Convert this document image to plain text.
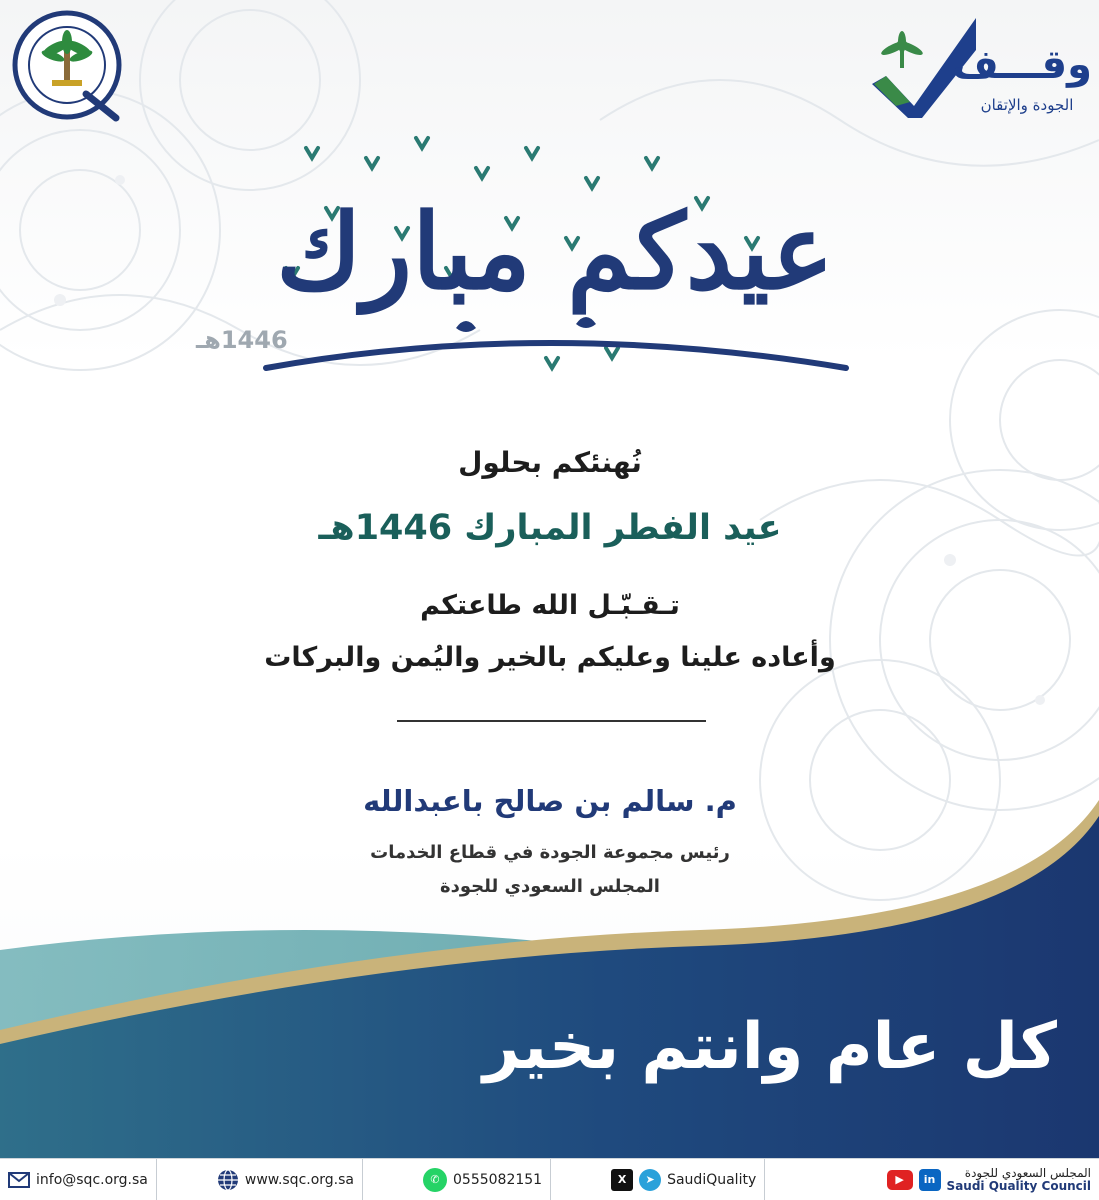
وقـــف
الجودة والإتقان
عيدكم مبارك
1446هـ
نُهنئكم بحلول
عيد الفطر المبارك 1446هـ
تـقـبّـل الله طاعتكم
وأعاده علينا وعليكم بالخير واليُمن والبركات
م. سالم بن صالح باعبدالله
رئيس مجموعة الجودة في قطاع الخدمات
المجلس السعودي للجودة
كل عام وانتم بخير
info@sqc.org.sa	www.sqc.org.sa	✆ 0555082151	X	➤ SaudiQuality	▶	in	المجلس السعودي للجودة
Saudi Quality Council
